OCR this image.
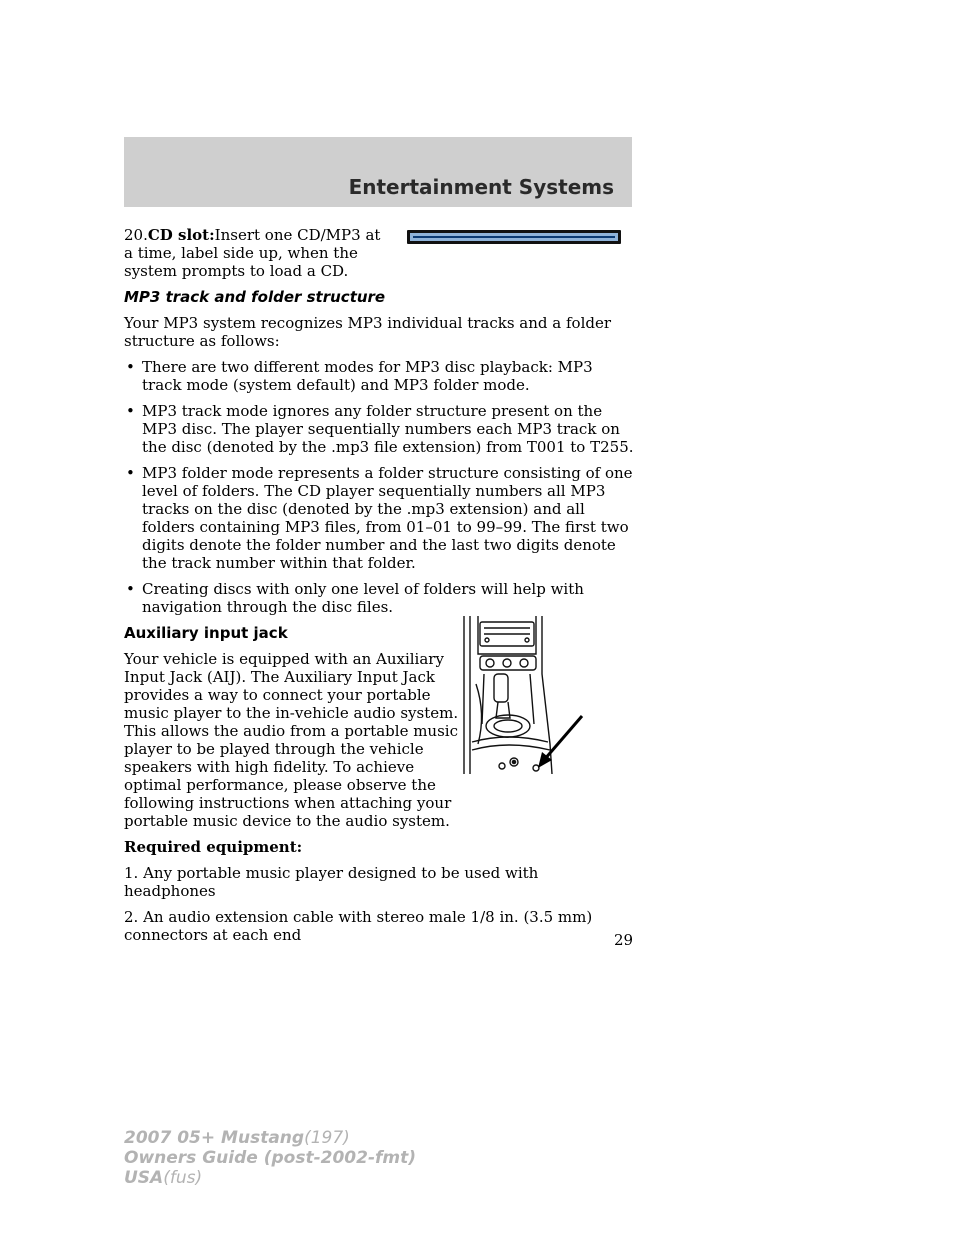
Entertainment Systems

20.CD slot:Insert one CD/MP3 at
a time, label side up, when the
system prompts to load a CD.

MP3 track and folder structure

Your MP3 system recognizes MP3 individual tracks and a folder structure as follows:

• There are two different modes for MP3 disc playback: MP3 track mode (system default) and MP3 folder mode.
• MP3 track mode ignores any folder structure present on the MP3 disc. The player sequentially numbers each MP3 track on the disc (denoted by the .mp3 file extension) from T001 to T255.
• MP3 folder mode represents a folder structure consisting of one level of folders. The CD player sequentially numbers all MP3 tracks on the disc (denoted by the .mp3 extension) and all folders containing MP3 files, from 01–01 to 99–99. The first two digits denote the folder number and the last two digits denote the track number within that folder.
• Creating discs with only one level of folders will help with navigation through the disc files.
Auxiliary input jack

Your vehicle is equipped with an Auxiliary Input Jack (AIJ). The Auxiliary Input Jack provides a way to connect your portable music player to the in-vehicle audio system. This allows the audio from a portable music player to be played through the vehicle speakers with high fidelity. To achieve optimal performance, please observe the following instructions when attaching your portable music device to the audio system.

Required equipment:

1. Any portable music player designed to be used with headphones

2. An audio extension cable with stereo male 1/8 in. (3.5 mm) connectors at each end	29
2007 05+ Mustang(197)
Owners Guide (post-2002-fmt)
USA(fus)
